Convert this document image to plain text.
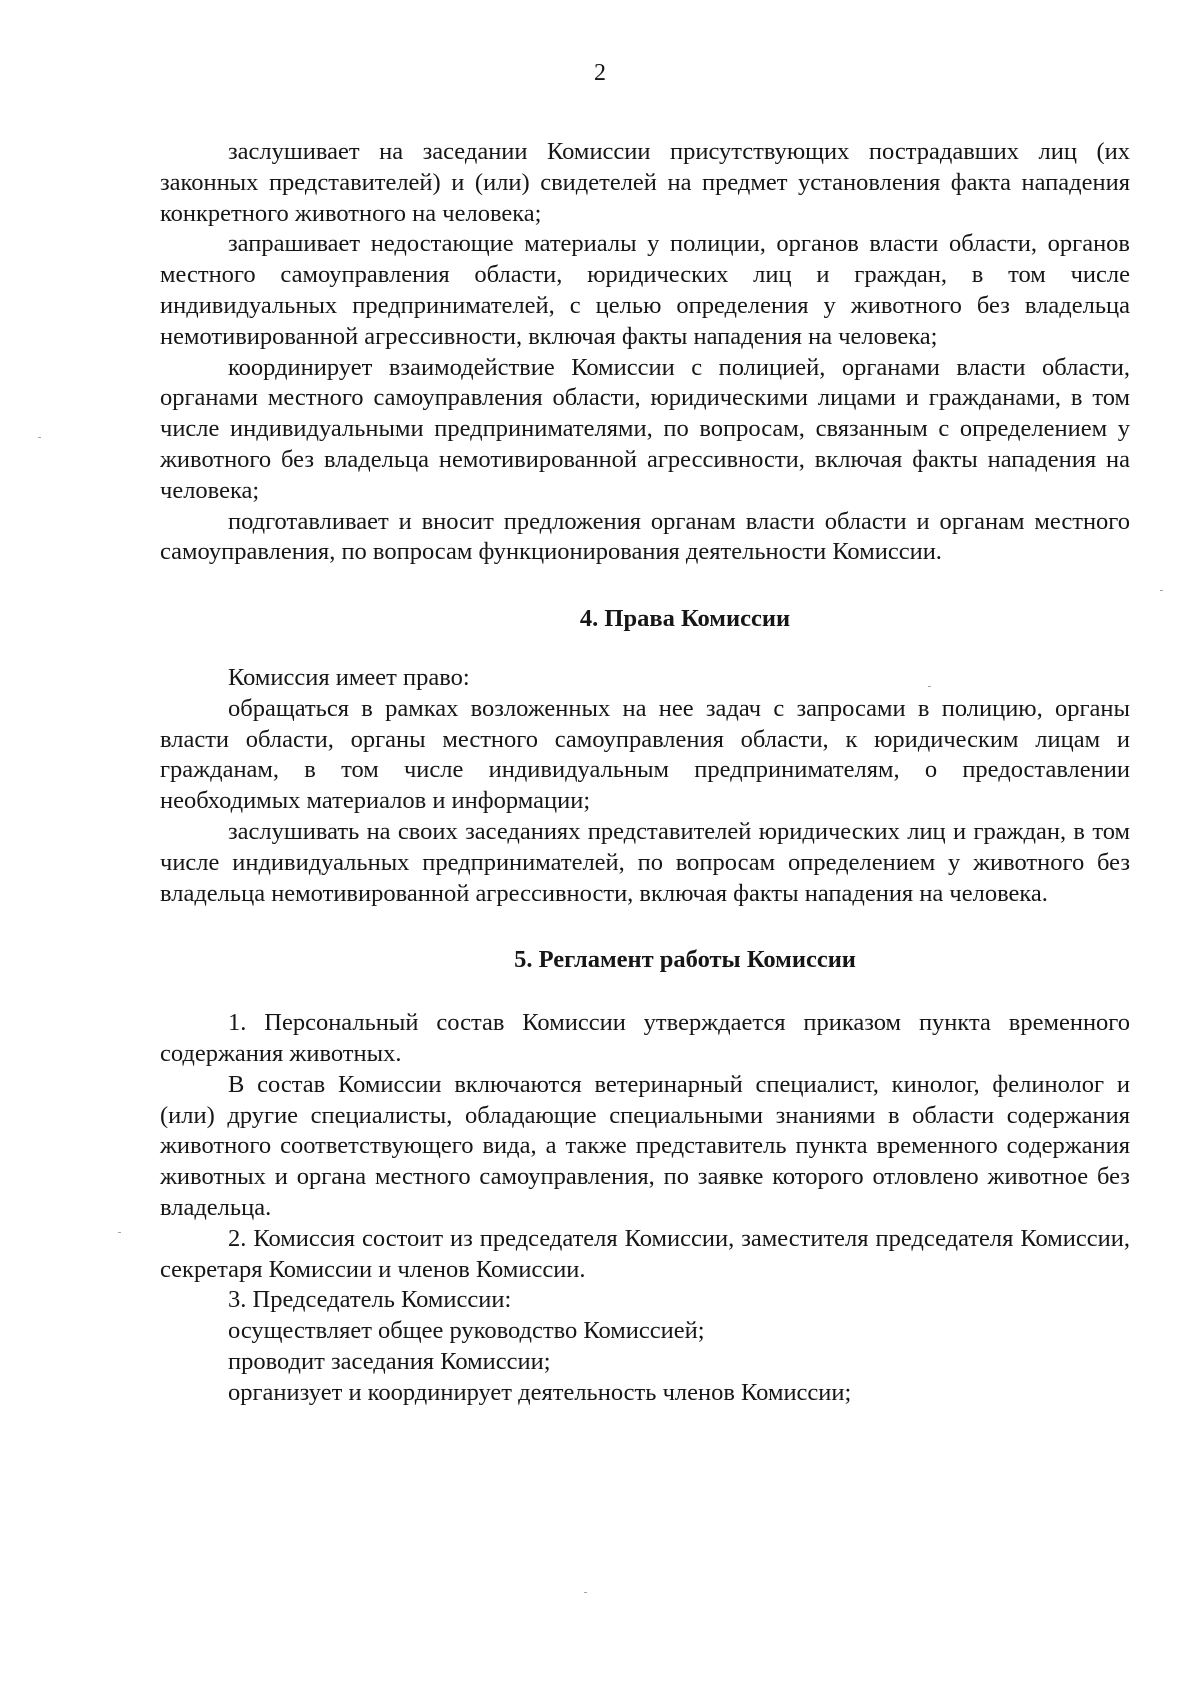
2

заслушивает на заседании Комиссии присутствующих пострадавших лиц (их законных представителей) и (или) свидетелей на предмет установления факта нападения конкретного животного на человека;

запрашивает недостающие материалы у полиции, органов власти области, органов местного самоуправления области, юридических лиц и граждан, в том числе индивидуальных предпринимателей, с целью определения у животного без владельца немотивированной агрессивности, включая факты нападения на человека;

координирует взаимодействие Комиссии с полицией, органами власти области, органами местного самоуправления области, юридическими лицами и гражданами, в том числе индивидуальными предпринимателями, по вопросам, связанным с определением у животного без владельца немотивированной агрессивности, включая факты нападения на человека;

подготавливает и вносит предложения органам власти области и органам местного самоуправления, по вопросам функционирования деятельности Комиссии.

4. Права Комиссии

Комиссия имеет право:

обращаться в рамках возложенных на нее задач с запросами в полицию, органы власти области, органы местного самоуправления области, к юридическим лицам и гражданам, в том числе индивидуальным предпринимателям, о предоставлении необходимых материалов и информации;

заслушивать на своих заседаниях представителей юридических лиц и граждан, в том числе индивидуальных предпринимателей, по вопросам определением у животного без владельца немотивированной агрессивности, включая факты нападения на человека.

5. Регламент работы Комиссии

1. Персональный состав Комиссии утверждается приказом пункта временного содержания животных.

В состав Комиссии включаются ветеринарный специалист, кинолог, фелинолог и (или) другие специалисты, обладающие специальными знаниями в области содержания животного соответствующего вида, а также представитель пункта временного содержания животных и органа местного самоуправления, по заявке которого отловлено животное без владельца.

2. Комиссия состоит из председателя Комиссии, заместителя председателя Комиссии, секретаря Комиссии и членов Комиссии.

3. Председатель Комиссии:

осуществляет общее руководство Комиссией;

проводит заседания Комиссии;

организует и координирует деятельность членов Комиссии;
